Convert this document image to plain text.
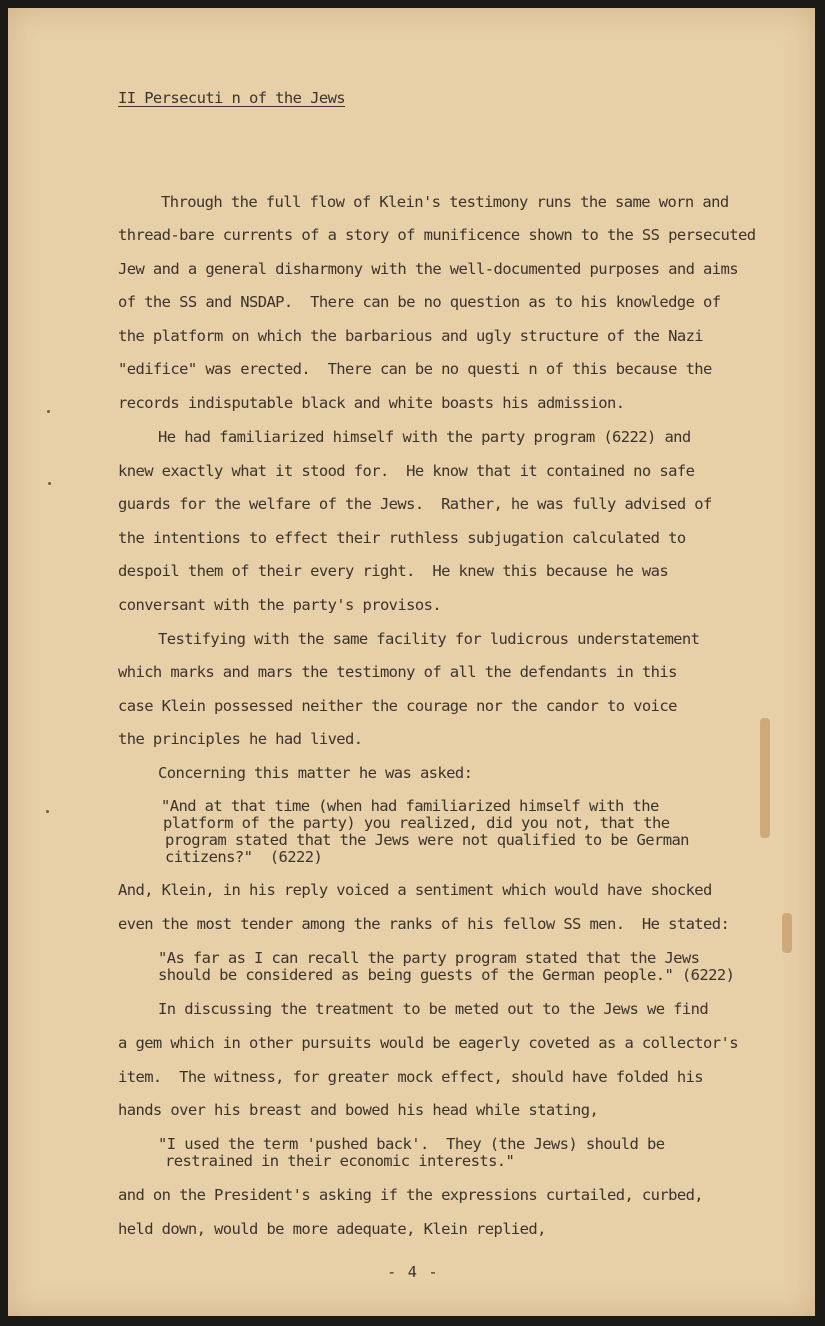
II Persecuti n of the Jews

Through the full flow of Klein's testimony runs the same worn and

thread-bare currents of a story of munificence shown to the SS persecuted

Jew and a general disharmony with the well-documented purposes and aims

of the SS and NSDAP.  There can be no question as to his knowledge of

the platform on which the barbarious and ugly structure of the Nazi

"edifice" was erected.  There can be no questi n of this because the

records indisputable black and white boasts his admission.

He had familiarized himself with the party program (6222) and

knew exactly what it stood for.  He know that it contained no safe

guards for the welfare of the Jews.  Rather, he was fully advised of

the intentions to effect their ruthless subjugation calculated to

despoil them of their every right.  He knew this because he was

conversant with the party's provisos.

Testifying with the same facility for ludicrous understatement

which marks and mars the testimony of all the defendants in this

case Klein possessed neither the courage nor the candor to voice

the principles he had lived.

Concerning this matter he was asked:

"And at that time (when had familiarized himself with the

platform of the party) you realized, did you not, that the

program stated that the Jews were not qualified to be German

citizens?"  (6222)

And, Klein, in his reply voiced a sentiment which would have shocked

even the most tender among the ranks of his fellow SS men.  He stated:

"As far as I can recall the party program stated that the Jews

should be considered as being guests of the German people." (6222)

In discussing the treatment to be meted out to the Jews we find

a gem which in other pursuits would be eagerly coveted as a collector's

item.  The witness, for greater mock effect, should have folded his

hands over his breast and bowed his head while stating,

"I used the term 'pushed back'.  They (the Jews) should be

restrained in their economic interests."

and on the President's asking if the expressions curtailed, curbed,

held down, would be more adequate, Klein replied,

- 4 -
